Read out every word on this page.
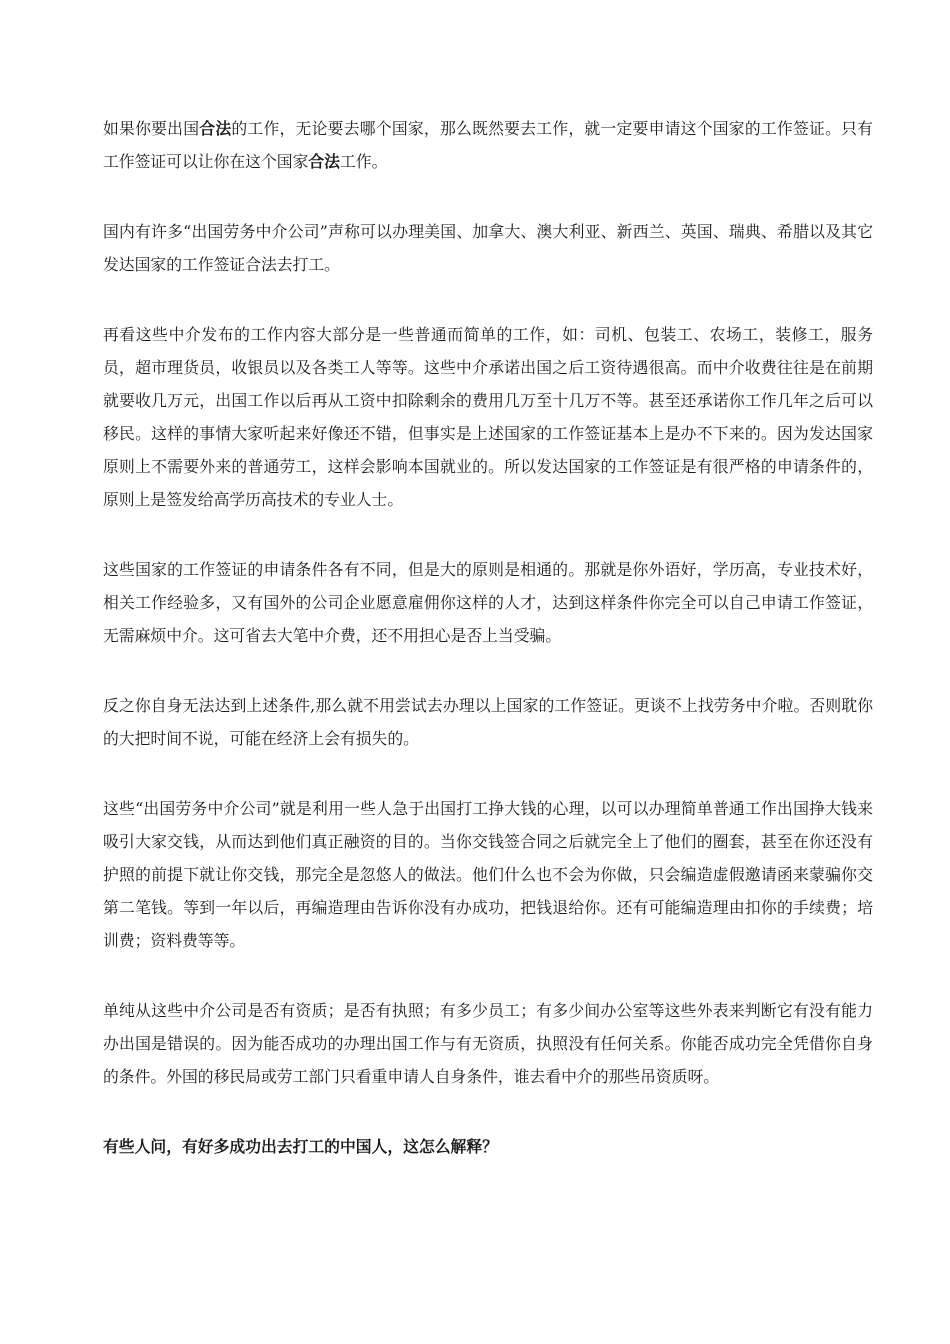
如果你要出国合法的工作，无论要去哪个国家，那么既然要去工作，就一定要申请这个国家的工作签证。只有工作签证可以让你在这个国家合法工作。

国内有许多“出国劳务中介公司”声称可以办理美国、加拿大、澳大利亚、新西兰、英国、瑞典、希腊以及其它发达国家的工作签证合法去打工。

再看这些中介发布的工作内容大部分是一些普通而简单的工作，如：司机、包装工、农场工，装修工，服务员，超市理货员，收银员以及各类工人等等。这些中介承诺出国之后工资待遇很高。而中介收费往往是在前期就要收几万元，出国工作以后再从工资中扣除剩余的费用几万至十几万不等。甚至还承诺你工作几年之后可以移民。这样的事情大家听起来好像还不错，但事实是上述国家的工作签证基本上是办不下来的。因为发达国家原则上不需要外来的普通劳工，这样会影响本国就业的。所以发达国家的工作签证是有很严格的申请条件的，原则上是签发给高学历高技术的专业人士。

这些国家的工作签证的申请条件各有不同，但是大的原则是相通的。那就是你外语好，学历高，专业技术好，相关工作经验多，又有国外的公司企业愿意雇佣你这样的人才，达到这样条件你完全可以自己申请工作签证，无需麻烦中介。这可省去大笔中介费，还不用担心是否上当受骗。

反之你自身无法达到上述条件,那么就不用尝试去办理以上国家的工作签证。更谈不上找劳务中介啦。否则耽你的大把时间不说，可能在经济上会有损失的。

这些“出国劳务中介公司”就是利用一些人急于出国打工挣大钱的心理，以可以办理简单普通工作出国挣大钱来吸引大家交钱，从而达到他们真正融资的目的。当你交钱签合同之后就完全上了他们的圈套，甚至在你还没有护照的前提下就让你交钱，那完全是忽悠人的做法。他们什么也不会为你做，只会编造虚假邀请函来蒙骗你交第二笔钱。等到一年以后，再编造理由告诉你没有办成功，把钱退给你。还有可能编造理由扣你的手续费；培训费；资料费等等。

单纯从这些中介公司是否有资质；是否有执照；有多少员工；有多少间办公室等这些外表来判断它有没有能力办出国是错误的。因为能否成功的办理出国工作与有无资质，执照没有任何关系。你能否成功完全凭借你自身的条件。外国的移民局或劳工部门只看重申请人自身条件，谁去看中介的那些吊资质呀。

有些人问，有好多成功出去打工的中国人，这怎么解释？
